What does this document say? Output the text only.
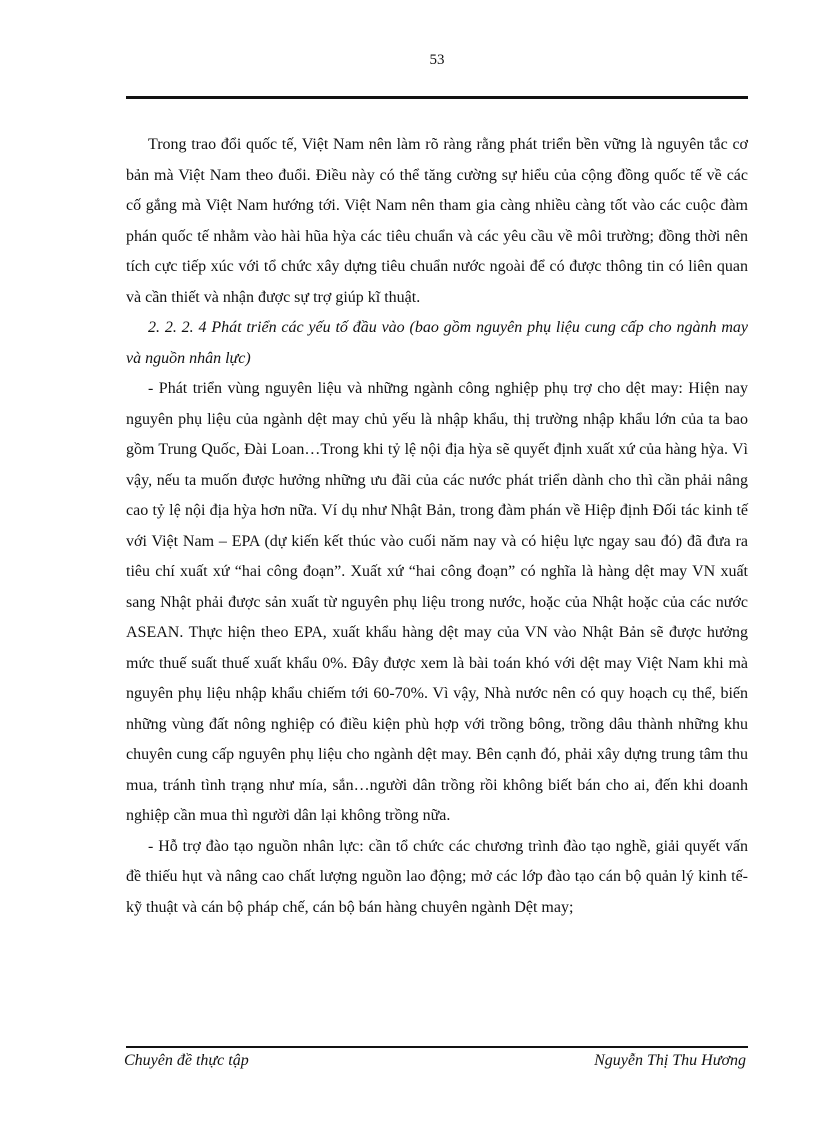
53

Trong trao đổi quốc tế, Việt Nam nên làm rõ ràng rằng phát triển bền vững là nguyên tắc cơ bản mà Việt Nam theo đuổi. Điều này có thể tăng cường sự hiểu của cộng đồng quốc tế về các cố gắng mà Việt Nam hướng tới. Việt Nam nên tham gia càng nhiều càng tốt vào các cuộc đàm phán quốc tế nhằm vào hài hũa hỳa các tiêu chuẩn và các yêu cầu về môi trường; đồng thời nên tích cực tiếp xúc với tổ chức xây dựng tiêu chuẩn nước ngoài để có được thông tin có liên quan và cần thiết và nhận được sự trợ giúp kĩ thuật.

2. 2. 2. 4 Phát triển các yếu tố đầu vào (bao gồm nguyên phụ liệu cung cấp cho ngành may và nguồn nhân lực)

- Phát triển vùng nguyên liệu và những ngành công nghiệp phụ trợ cho dệt may: Hiện nay nguyên phụ liệu của ngành dệt may chủ yếu là nhập khẩu, thị trường nhập khẩu lớn của ta bao gồm Trung Quốc, Đài Loan…Trong khi tỷ lệ nội địa hỳa sẽ quyết định xuất xứ của hàng hỳa. Vì vậy, nếu ta muốn được hưởng những ưu đãi của các nước phát triển dành cho thì cần phải nâng cao tỷ lệ nội địa hỳa hơn nữa. Ví dụ như Nhật Bản, trong đàm phán về Hiệp định Đối tác kinh tế với Việt Nam – EPA (dự kiến kết thúc vào cuối năm nay và có hiệu lực ngay sau đó) đã đưa ra tiêu chí xuất xứ “hai công đoạn”. Xuất xứ “hai công đoạn” có nghĩa là hàng dệt may VN xuất sang Nhật phải được sản xuất từ nguyên phụ liệu trong nước, hoặc của Nhật hoặc của các nước ASEAN. Thực hiện theo EPA, xuất khẩu hàng dệt may của VN vào Nhật Bản sẽ được hưởng mức thuế suất thuế xuất khẩu 0%. Đây được xem là bài toán khó với dệt may Việt Nam khi mà nguyên phụ liệu nhập khẩu chiếm tới 60-70%. Vì vậy, Nhà nước nên có quy hoạch cụ thể, biến những vùng đất nông nghiệp có điều kiện phù hợp với trồng bông, trồng dâu thành những khu chuyên cung cấp nguyên phụ liệu cho ngành dệt may. Bên cạnh đó, phải xây dựng trung tâm thu mua, tránh tình trạng như mía, sắn…người dân trồng rồi không biết bán cho ai, đến khi doanh nghiệp cần mua thì người dân lại không trồng nữa.

- Hỗ trợ đào tạo nguồn nhân lực: cần tổ chức các chương trình đào tạo nghề, giải quyết vấn đề thiếu hụt và nâng cao chất lượng nguồn lao động; mở các lớp đào tạo cán bộ quản lý kinh tế- kỹ thuật và cán bộ pháp chế, cán bộ bán hàng chuyên ngành Dệt may;

Chuyên đề thực tập	Nguyễn Thị Thu Hương
